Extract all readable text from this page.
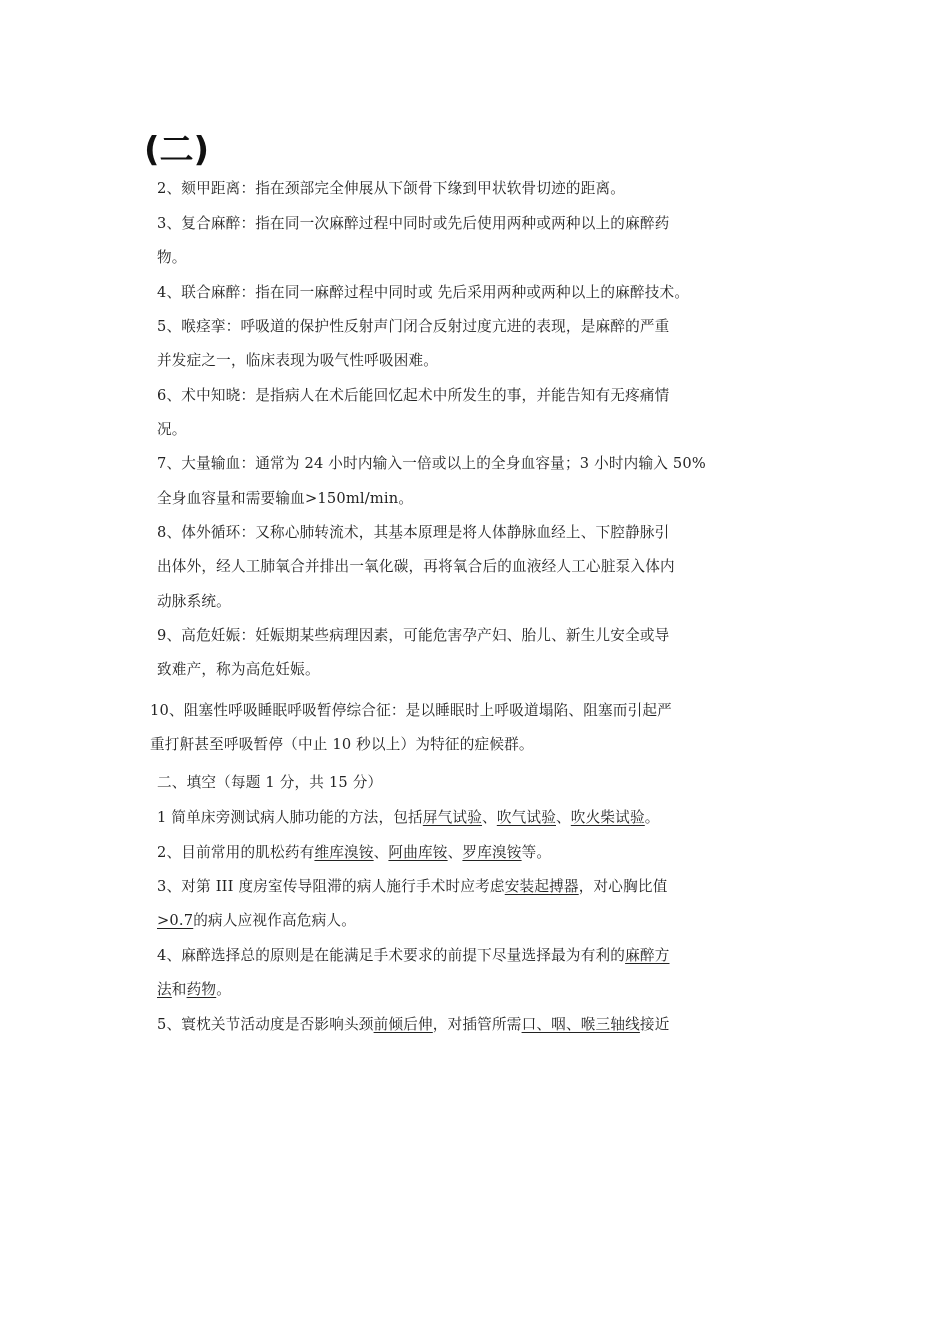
(二)
2、颏甲距离：指在颈部完全伸展从下颌骨下缘到甲状软骨切迹的距离。
3、复合麻醉：指在同一次麻醉过程中同时或先后使用两种或两种以上的麻醉药
物。
4、联合麻醉：指在同一麻醉过程中同时或 先后采用两种或两种以上的麻醉技术。
5、喉痉挛：呼吸道的保护性反射声门闭合反射过度亢进的表现，是麻醉的严重
并发症之一，临床表现为吸气性呼吸困难。
6、术中知晓：是指病人在术后能回忆起术中所发生的事，并能告知有无疼痛情
况。
7、大量输血：通常为 24 小时内输入一倍或以上的全身血容量；3 小时内输入 50%
全身血容量和需要输血>150ml/min。
8、体外循环：又称心肺转流术，其基本原理是将人体静脉血经上、下腔静脉引
出体外，经人工肺氧合并排出一氧化碳，再将氧合后的血液经人工心脏泵入体内
动脉系统。
9、高危妊娠：妊娠期某些病理因素，可能危害孕产妇、胎儿、新生儿安全或导
致难产，称为高危妊娠。
10、阻塞性呼吸睡眠呼吸暂停综合征：是以睡眠时上呼吸道塌陷、阻塞而引起严
重打鼾甚至呼吸暂停（中止 10 秒以上）为特征的症候群。
二、填空（每题 1 分，共 15 分）
1 简单床旁测试病人肺功能的方法，包括屏气试验、吹气试验、吹火柴试验。
2、目前常用的肌松药有维库溴铵、阿曲库铵、罗库溴铵等。
3、对第 III 度房室传导阻滞的病人施行手术时应考虑安装起搏器，对心胸比值
>0.7的病人应视作高危病人。
4、麻醉选择总的原则是在能满足手术要求的前提下尽量选择最为有利的麻醉方
法和药物。
5、寰枕关节活动度是否影响头颈前倾后伸，对插管所需口、咽、喉三轴线接近
